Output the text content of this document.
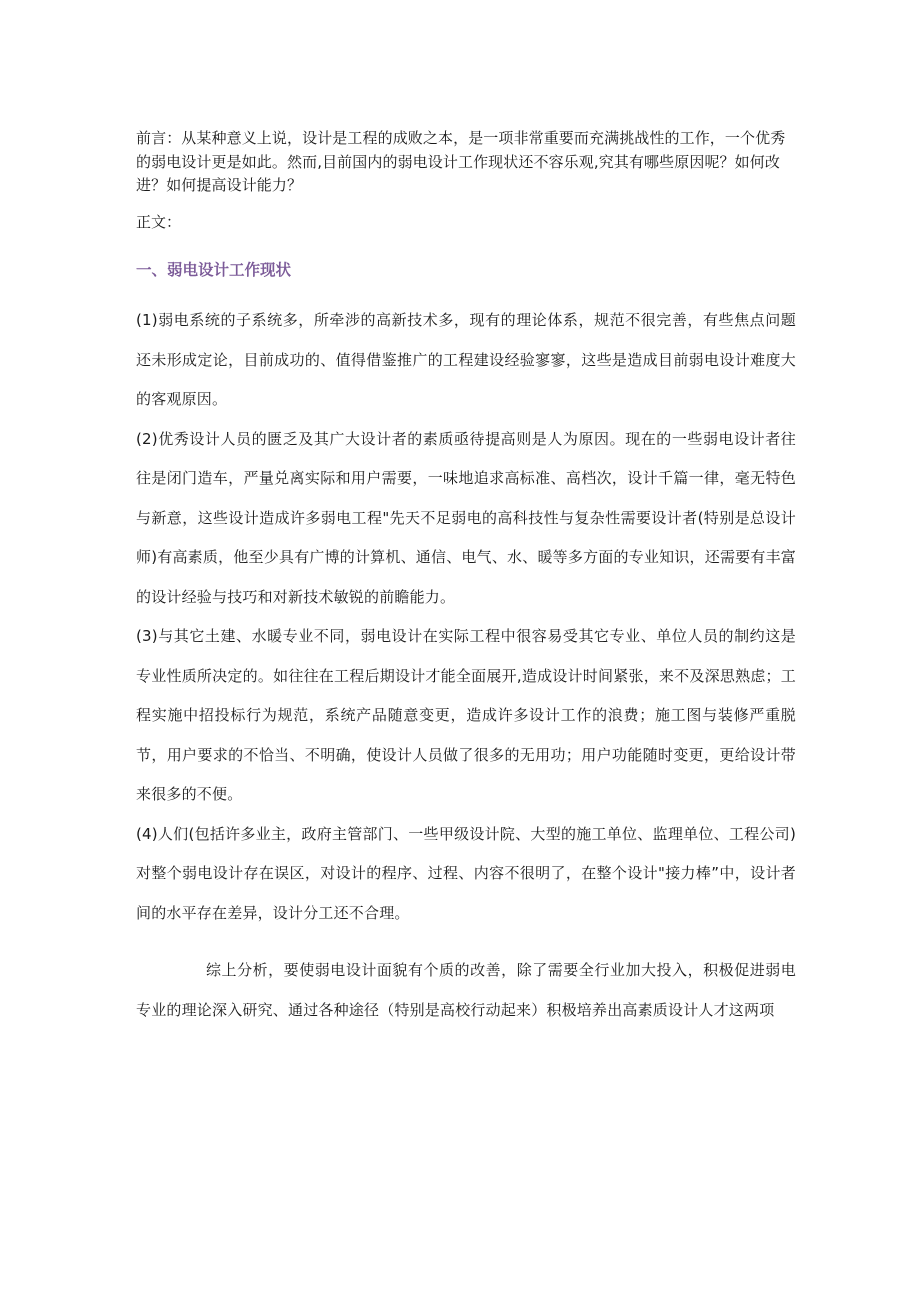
前言：从某种意义上说，设计是工程的成败之本，是一项非常重要而充满挑战性的工作，一个优秀的弱电设计更是如此。然而,目前国内的弱电设计工作现状还不容乐观,究其有哪些原因呢？如何改进？如何提高设计能力？

正文：

一、弱电设计工作现状

(1)弱电系统的子系统多，所牵涉的高新技术多，现有的理论体系，规范不很完善，有些焦点问题还未形成定论，目前成功的、值得借鉴推广的工程建设经验寥寥，这些是造成目前弱电设计难度大的客观原因。

(2)优秀设计人员的匮乏及其广大设计者的素质亟待提高则是人为原因。现在的一些弱电设计者往往是闭门造车，严量兑离实际和用户需要，一味地追求高标准、高档次，设计千篇一律，毫无特色与新意，这些设计造成许多弱电工程"先天不足弱电的高科技性与复杂性需要设计者(特别是总设计师)有高素质，他至少具有广博的计算机、通信、电气、水、暖等多方面的专业知识，还需要有丰富的设计经验与技巧和对新技术敏锐的前瞻能力。

(3)与其它土建、水暖专业不同，弱电设计在实际工程中很容易受其它专业、单位人员的制约这是专业性质所决定的。如往往在工程后期设计才能全面展开,造成设计时间紧张，来不及深思熟虑；工程实施中招投标行为规范，系统产品随意变更，造成许多设计工作的浪费；施工图与装修严重脱节，用户要求的不恰当、不明确，使设计人员做了很多的无用功；用户功能随时变更，更给设计带来很多的不便。

(4)人们(包括许多业主，政府主管部门、一些甲级设计院、大型的施工单位、监理单位、工程公司)对整个弱电设计存在误区，对设计的程序、过程、内容不很明了，在整个设计"接力棒”中，设计者间的水平存在差异，设计分工还不合理。

综上分析，要使弱电设计面貌有个质的改善，除了需要全行业加大投入，积极促进弱电专业的理论深入研究、通过各种途径（特别是高校行动起来）积极培养出高素质设计人才这两项
